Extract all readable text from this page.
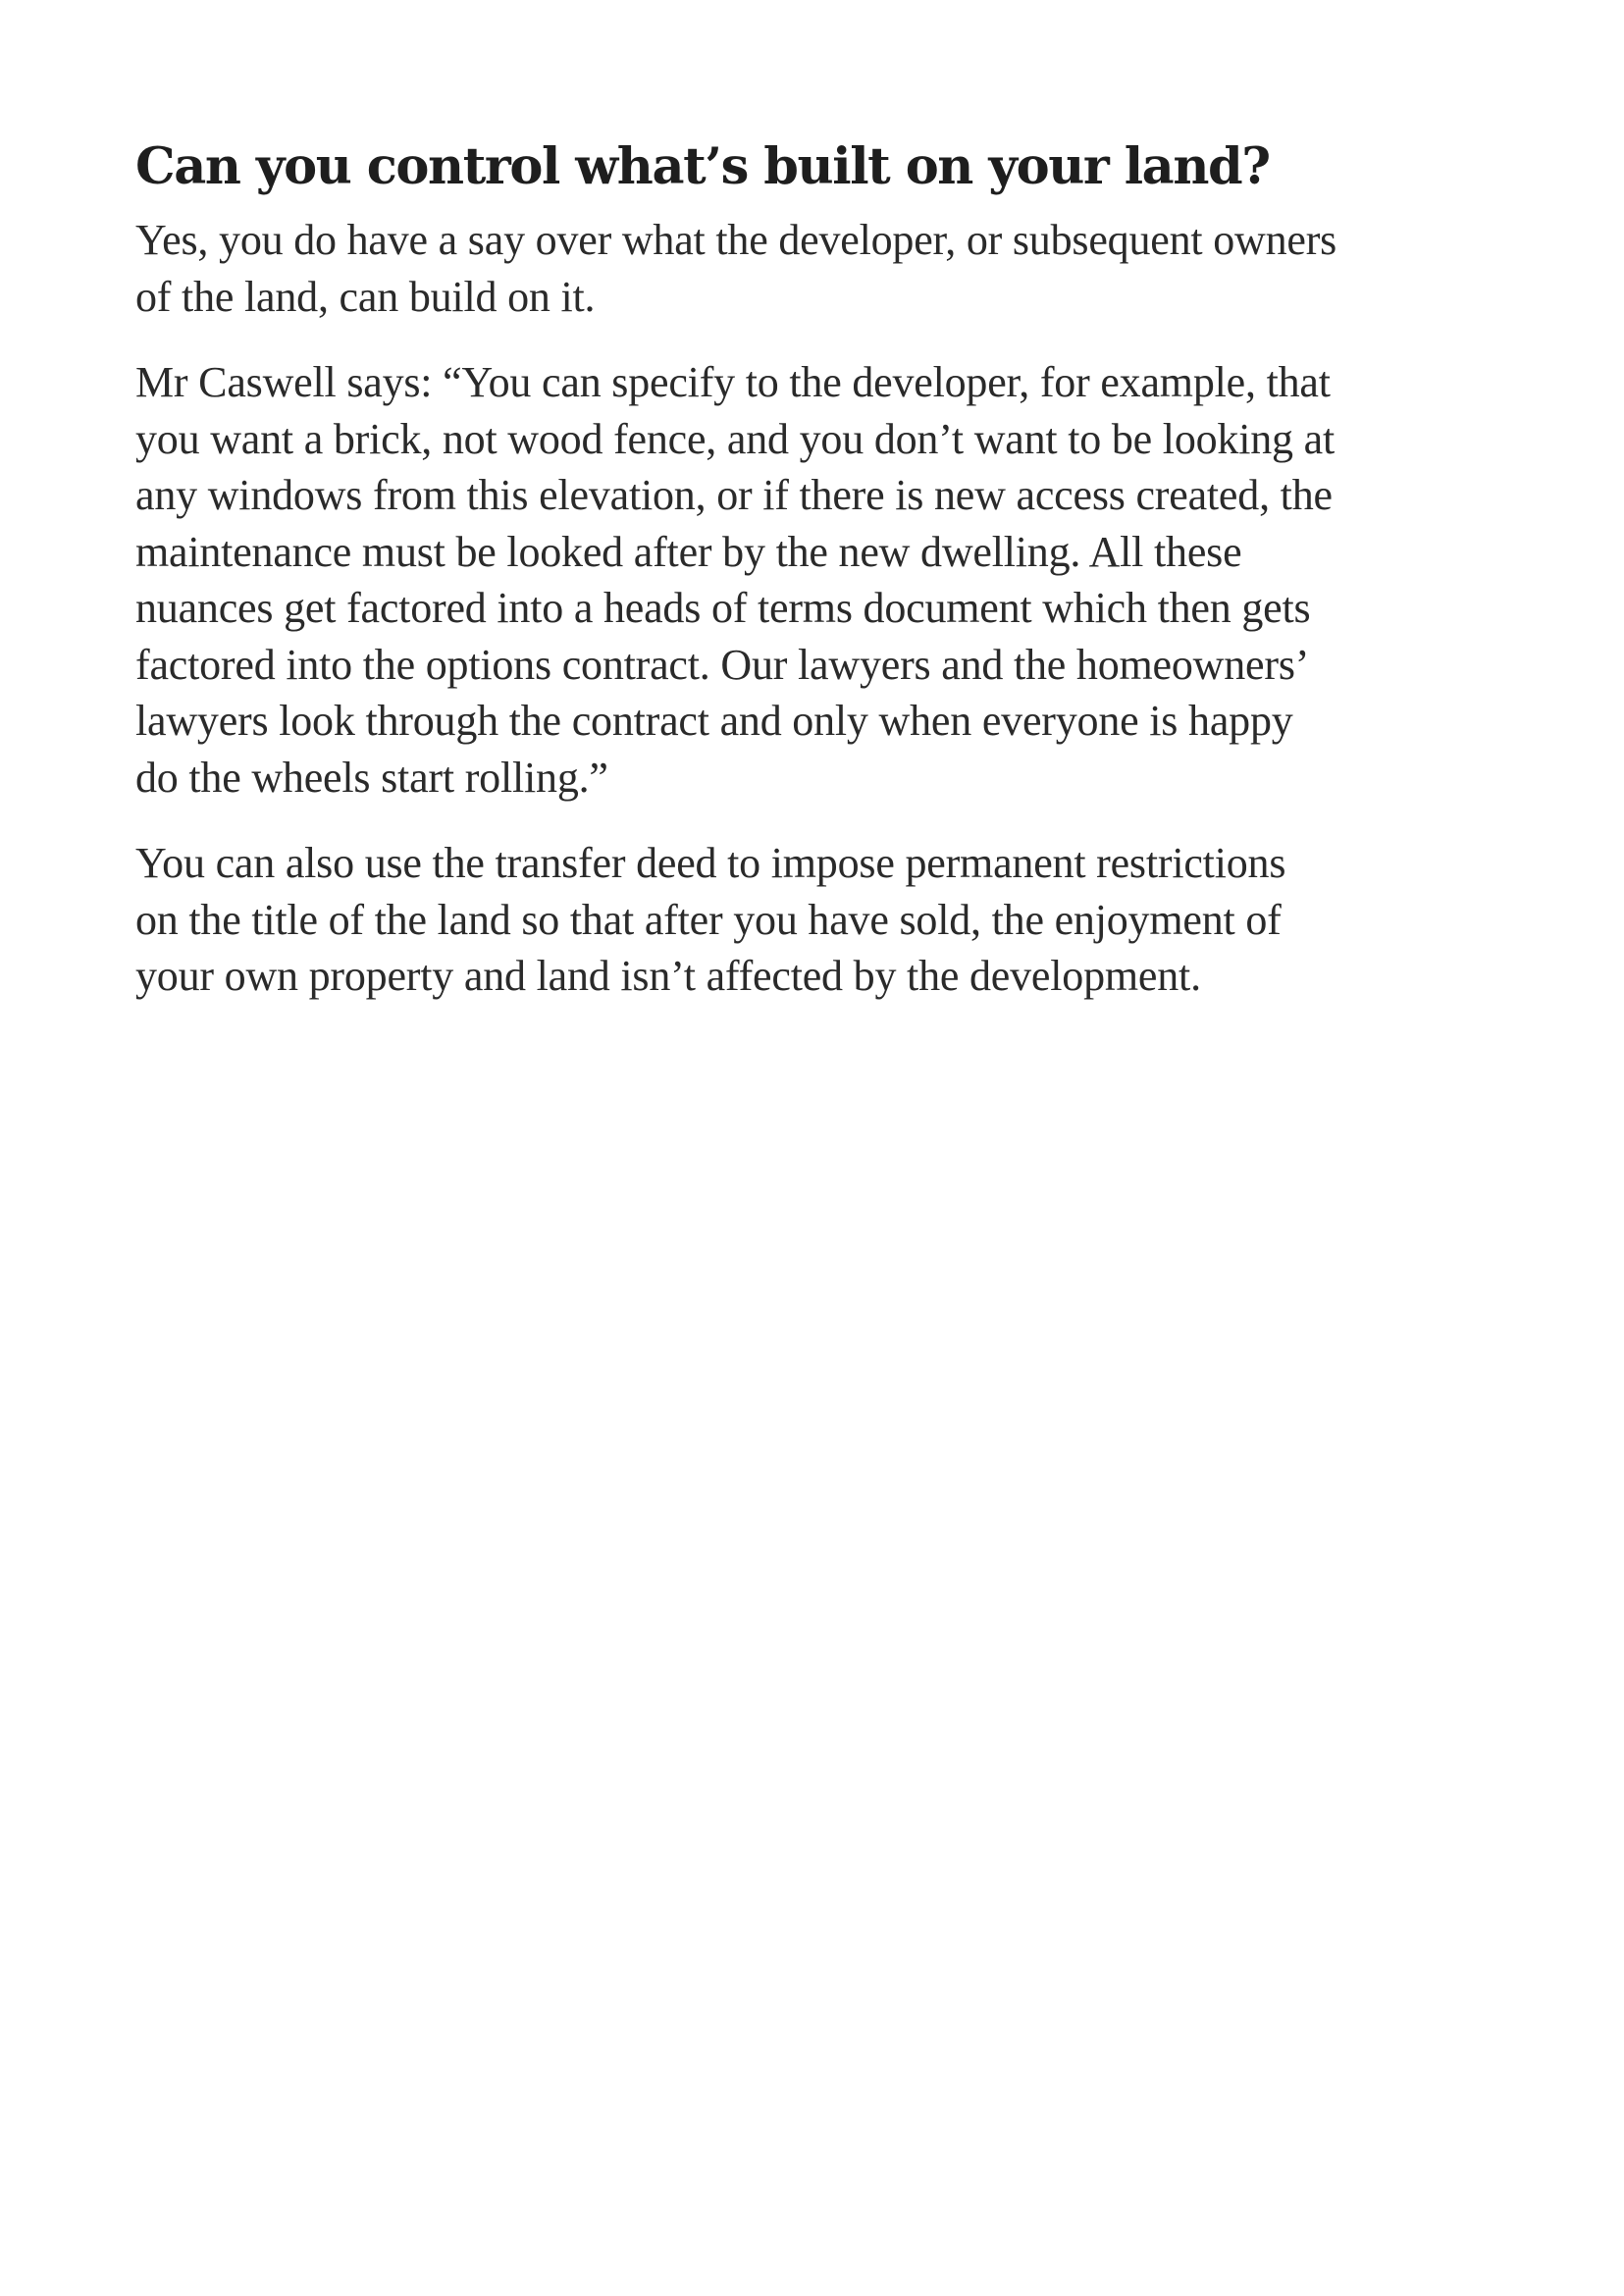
Can you control what’s built on your land?

Yes, you do have a say over what the developer, or subsequent owners
of the land, can build on it.

Mr Caswell says: “You can specify to the developer, for example, that
you want a brick, not wood fence, and you don’t want to be looking at
any windows from this elevation, or if there is new access created, the
maintenance must be looked after by the new dwelling. All these
nuances get factored into a heads of terms document which then gets
factored into the options contract. Our lawyers and the homeowners’
lawyers look through the contract and only when everyone is happy
do the wheels start rolling.”

You can also use the transfer deed to impose permanent restrictions
on the title of the land so that after you have sold, the enjoyment of
your own property and land isn’t affected by the development.
